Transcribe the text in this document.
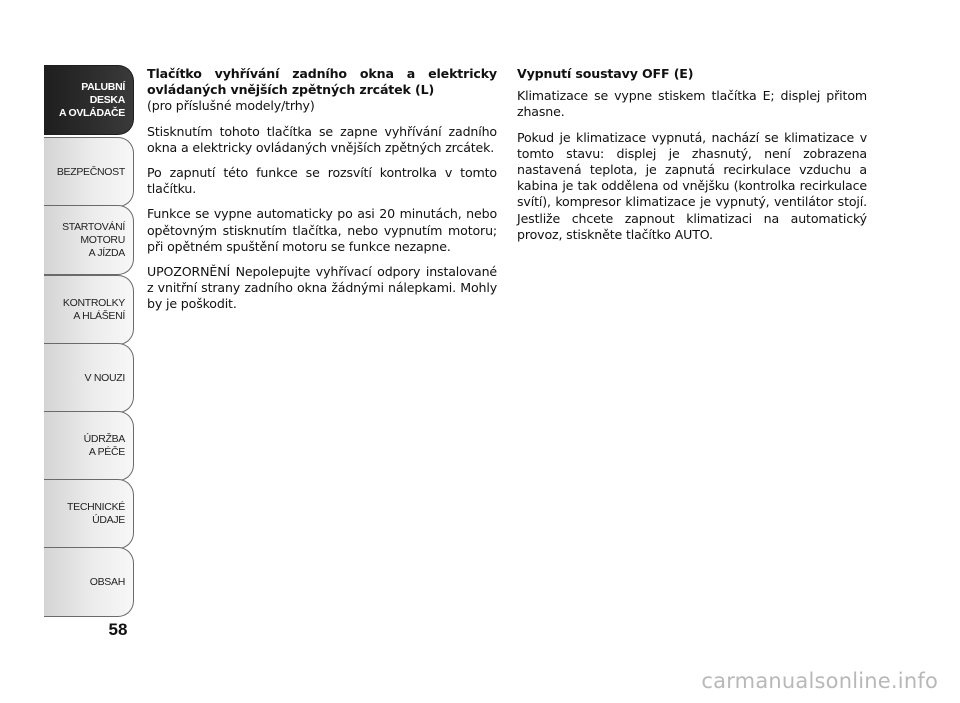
PALUBNÍ DESKA
A OVLÁDAČE
BEZPEČNOST
STARTOVÁNÍ
MOTORU
A JÍZDA
KONTROLKY
A HLÁŠENÍ
V NOUZI
ÚDRŽBA
A PÉČE
TECHNICKÉ
ÚDAJE
OBSAH
58
Tlačítko vyhřívání zadního okna a elektricky ovládaných vnějších zpětných zrcátek (L)
(pro příslušné modely/trhy)

Stisknutím tohoto tlačítka se zapne vyhřívání zadního okna a elektricky ovládaných vnějších zpětných zrcátek.

Po zapnutí této funkce se rozsvítí kontrolka v tomto tlačítku.

Funkce se vypne automaticky po asi 20 minutách, nebo opětovným stisknutím tlačítka, nebo vypnutím motoru; při opětném spuštění motoru se funkce nezapne.

UPOZORNĚNÍ Nepolepujte vyhřívací odpory instalované z vnitřní strany zadního okna žádnými nálepkami. Mohly by je poškodit.

Vypnutí soustavy OFF (E)

Klimatizace se vypne stiskem tlačítka E; displej přitom zhasne.

Pokud je klimatizace vypnutá, nachází se klimatizace v tomto stavu: displej je zhasnutý, není zobrazena nastavená teplota, je zapnutá recirkulace vzduchu a kabina je tak oddělena od vnějšku (kontrolka recirkulace svítí), kompresor klimatizace je vypnutý, ventilátor stojí. Jestliže chcete zapnout klimatizaci na automatický provoz, stiskněte tlačítko AUTO.

carmanualsonline.info
